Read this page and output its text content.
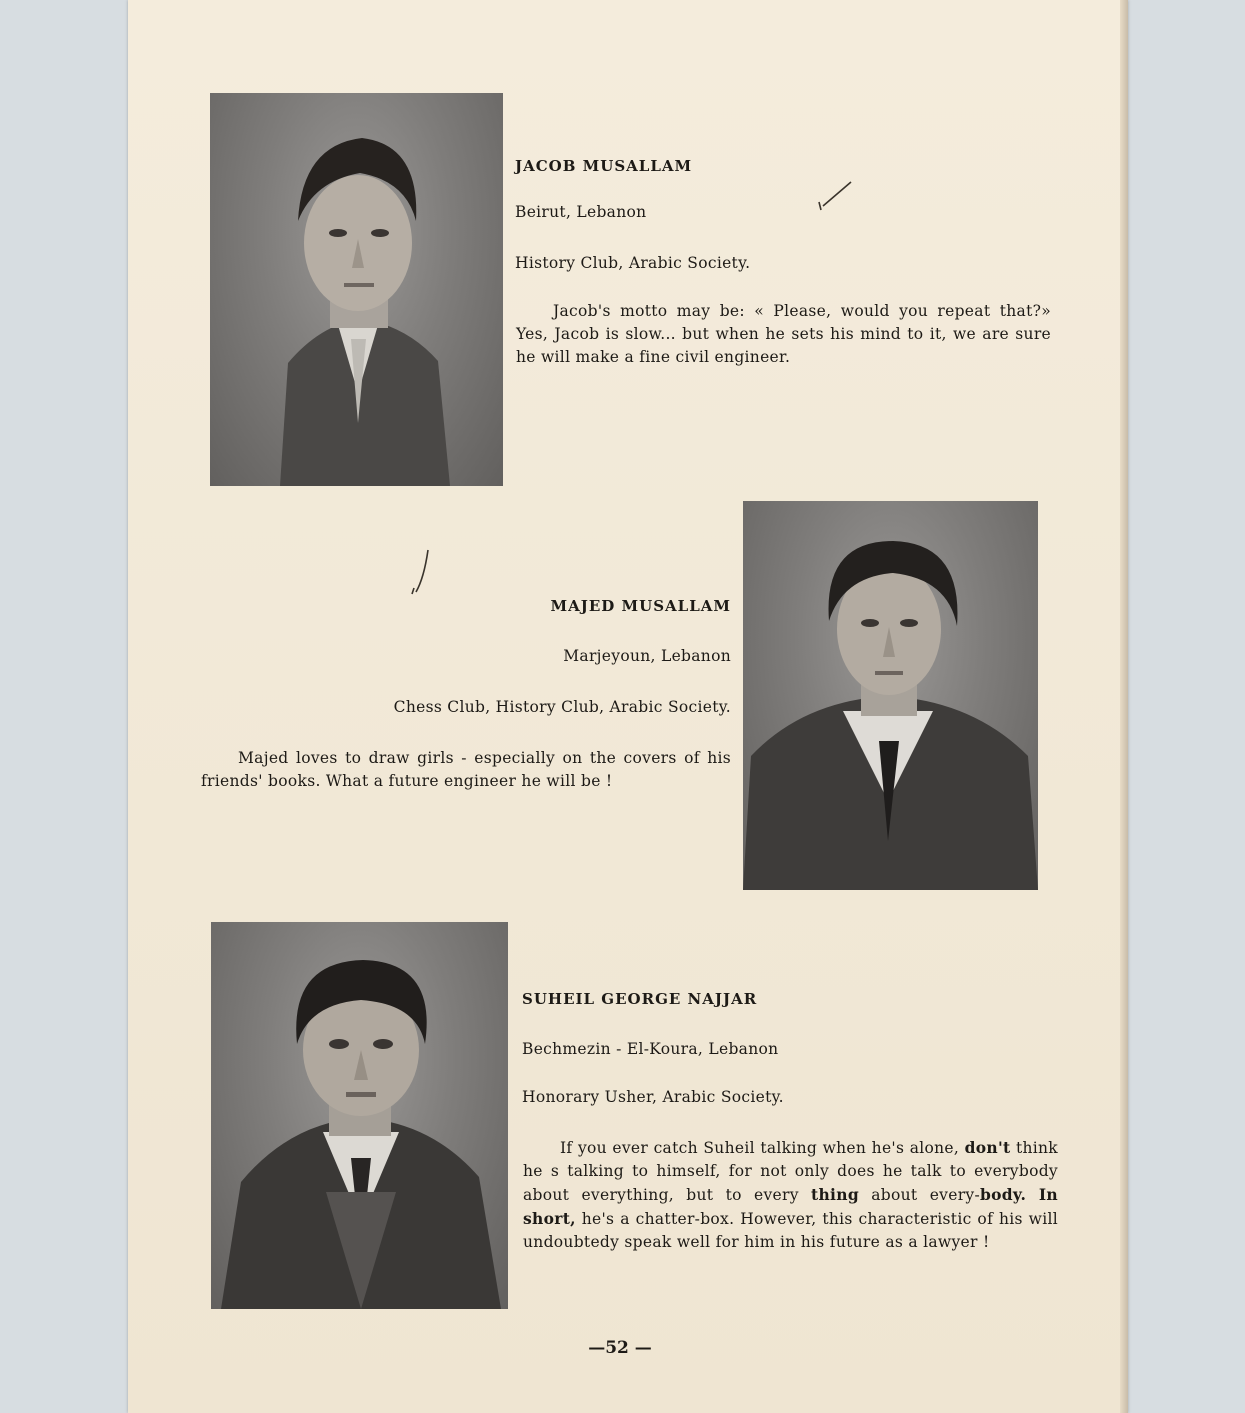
JACOB MUSALLAM
Beirut, Lebanon
History Club, Arabic Society.
Jacob's motto may be: « Please, would you repeat that?» Yes, Jacob is slow... but when he sets his mind to it, we are sure he will make a fine civil engineer.
MAJED MUSALLAM
Marjeyoun, Lebanon
Chess Club, History Club, Arabic Society.
Majed loves to draw girls - especially on the covers of his friends' books. What a future engineer he will be !
SUHEIL GEORGE NAJJAR
Bechmezin - El-Koura, Lebanon
Honorary Usher, Arabic Society.
If you ever catch Suheil talking when he's alone, don't think he s talking to himself, for not only does he talk to everybody about everything, but to every thing about every-body. In short, he's a chatter-box. However, this characteristic of his will undoubtedy speak well for him in his future as a lawyer !
—52 —
